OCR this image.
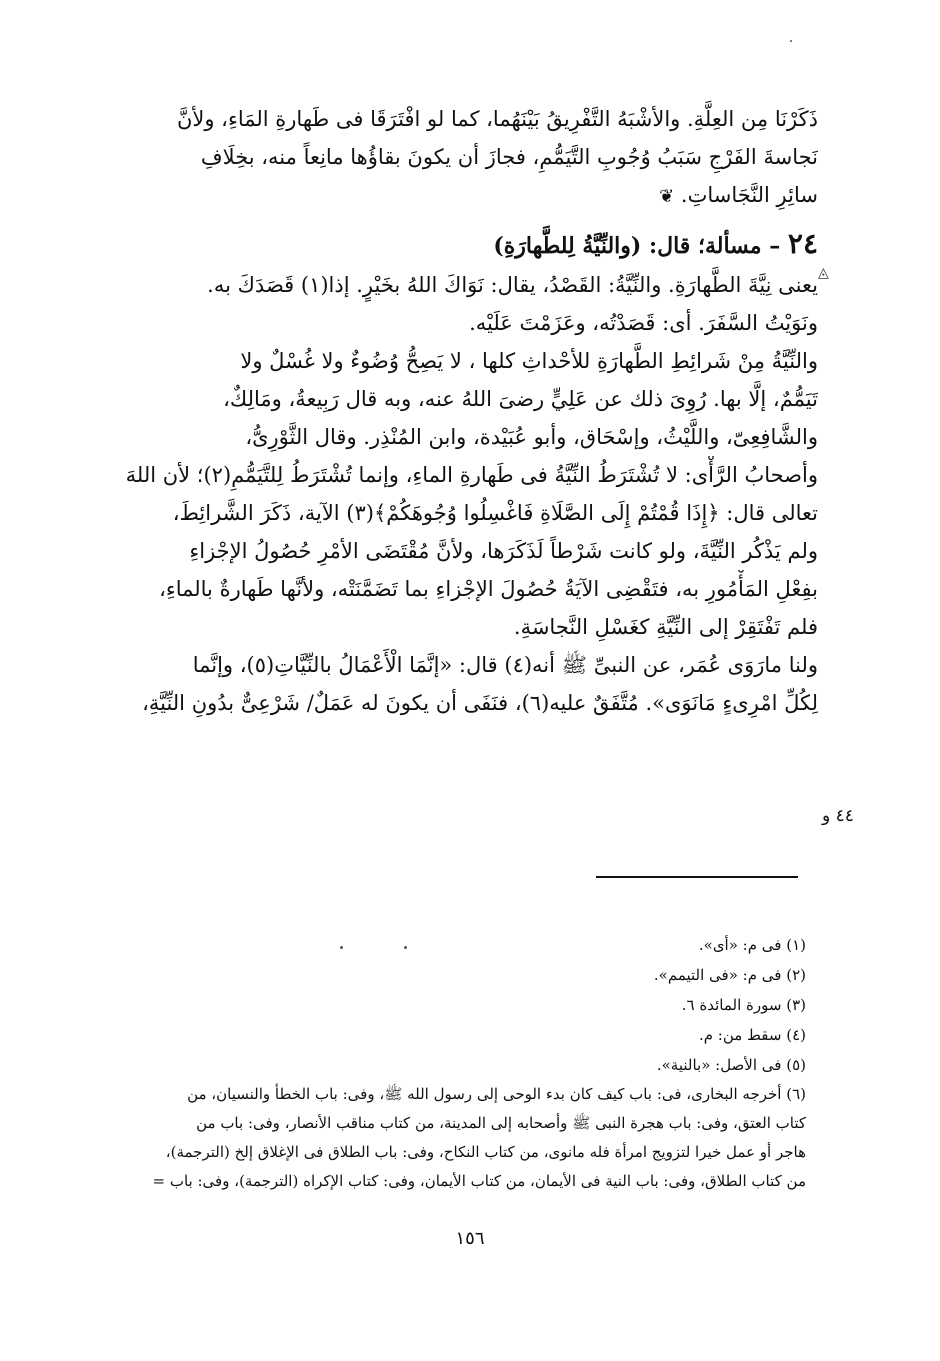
ذَكَرْنَا مِن العِلَّةِ. والأشْبَهُ التَّفْرِيقُ بَيْنَهُما، كما لو افْتَرَقَا فى طَهارةِ المَاءِ، ولأنَّ
نَجاسةَ الفَرْجِ سَبَبُ وُجُوبِ التَّيَمُّمِ، فجازَ أن يكونَ بقاؤُها مانِعاً منه، بخِلَافِ
سائِرِ النَّجَاساتِ. ❦
٢٤ – مسألة؛ قال: (والنِّيَّةُ لِلطَّهارَةِ)
يعنى نِيَّةَ الطَّهارَةِ. والنِّيَّةُ: القَصْدُ، يقال: نَوَاكَ اللهُ بخَيْرٍ. إذا(١) قَصَدَكَ به.
ونَوَيْتُ السَّفَرَ. أى: قَصَدْتُه، وعَزَمْتَ عَلَيْه.
والنِّيَّةُ مِنْ شَرائِطِ الطَّهارَةِ للأحْداثِ كلها ، لا يَصِحُّ وُضُوءٌ ولا غُسْلٌ ولا
تَيَمُّمٌ، إلَّا بها. رُوِىَ ذلك عن عَلِيٍّ رضىَ اللهُ عنه، وبه قال رَبِيعةُ، ومَالِكٌ،
والشَّافِعِىّ، واللَّيْثُ، وإسْحَاق، وأبو عُبَيْدة، وابن المُنْذِر. وقال الثَّوْرِىُّ،
وأصحابُ الرَّأْى: لا تُشْتَرَطُ النِّيَّةُ فى طَهارةِ الماءِ، وإنما تُشْتَرَطُ لِلتَّيَمُّمِ(٢)؛ لأن اللهَ
تعالى قال: ﴿إِذَا قُمْتُمْ إِلَى الصَّلَاةِ فَاغْسِلُوا وُجُوهَكُمْ﴾(٣) الآية، ذَكَرَ الشَّرائِطَ،
ولم يَذْكُر النِّيَّةَ، ولو كانت شَرْطاً لَذَكَرَها، ولأنَّ مُقْتَضَى الأمْرِ حُصُولُ الإجْزاءِ
بفِعْلِ المَأْمُورِ به، فتَقْضِى الآيَةُ حُصُولَ الإجْزاءِ بما تَضَمَّنَتْه، ولأنَّها طَهارةٌ بالماءِ،
فلم تَفْتَقِرْ إلى النِّيَّةِ كغَسْلِ النَّجاسَةِ.
ولنا مارَوَى عُمَر، عن النبىِّ ﷺ أنه(٤) قال: «إنَّمَا الْأَعْمَالُ بالنِّيَّاتِ(٥)، وإنَّما
لِكُلِّ امْرِىءٍ مَانَوَى». مُتَّفَقٌ عليه(٦)، فنَفَى أن يكونَ له عَمَلٌ/ شَرْعِىٌّ بدُونِ النِّيَّةِ،
◬
٤٤ و
(١) فى م: «أى».
(٢) فى م: «فى التيمم».
(٣) سورة المائدة ٦.
(٤) سقط من: م.
(٥) فى الأصل: «بالنية».
(٦) أخرجه البخارى، فى: باب كيف كان بدء الوحى إلى رسول الله ﷺ، وفى: باب الخطأ والنسيان، من
كتاب العتق، وفى: باب هجرة النبى ﷺ وأصحابه إلى المدينة، من كتاب مناقب الأنصار، وفى: باب من
هاجر أو عمل خيرا لتزويج امرأة فله مانوى، من كتاب النكاح، وفى: باب الطلاق فى الإغلاق إلخ (الترجمة)،
من كتاب الطلاق، وفى: باب النية فى الأيمان، من كتاب الأيمان، وفى: كتاب الإكراه (الترجمة)، وفى: باب =
١٥٦
